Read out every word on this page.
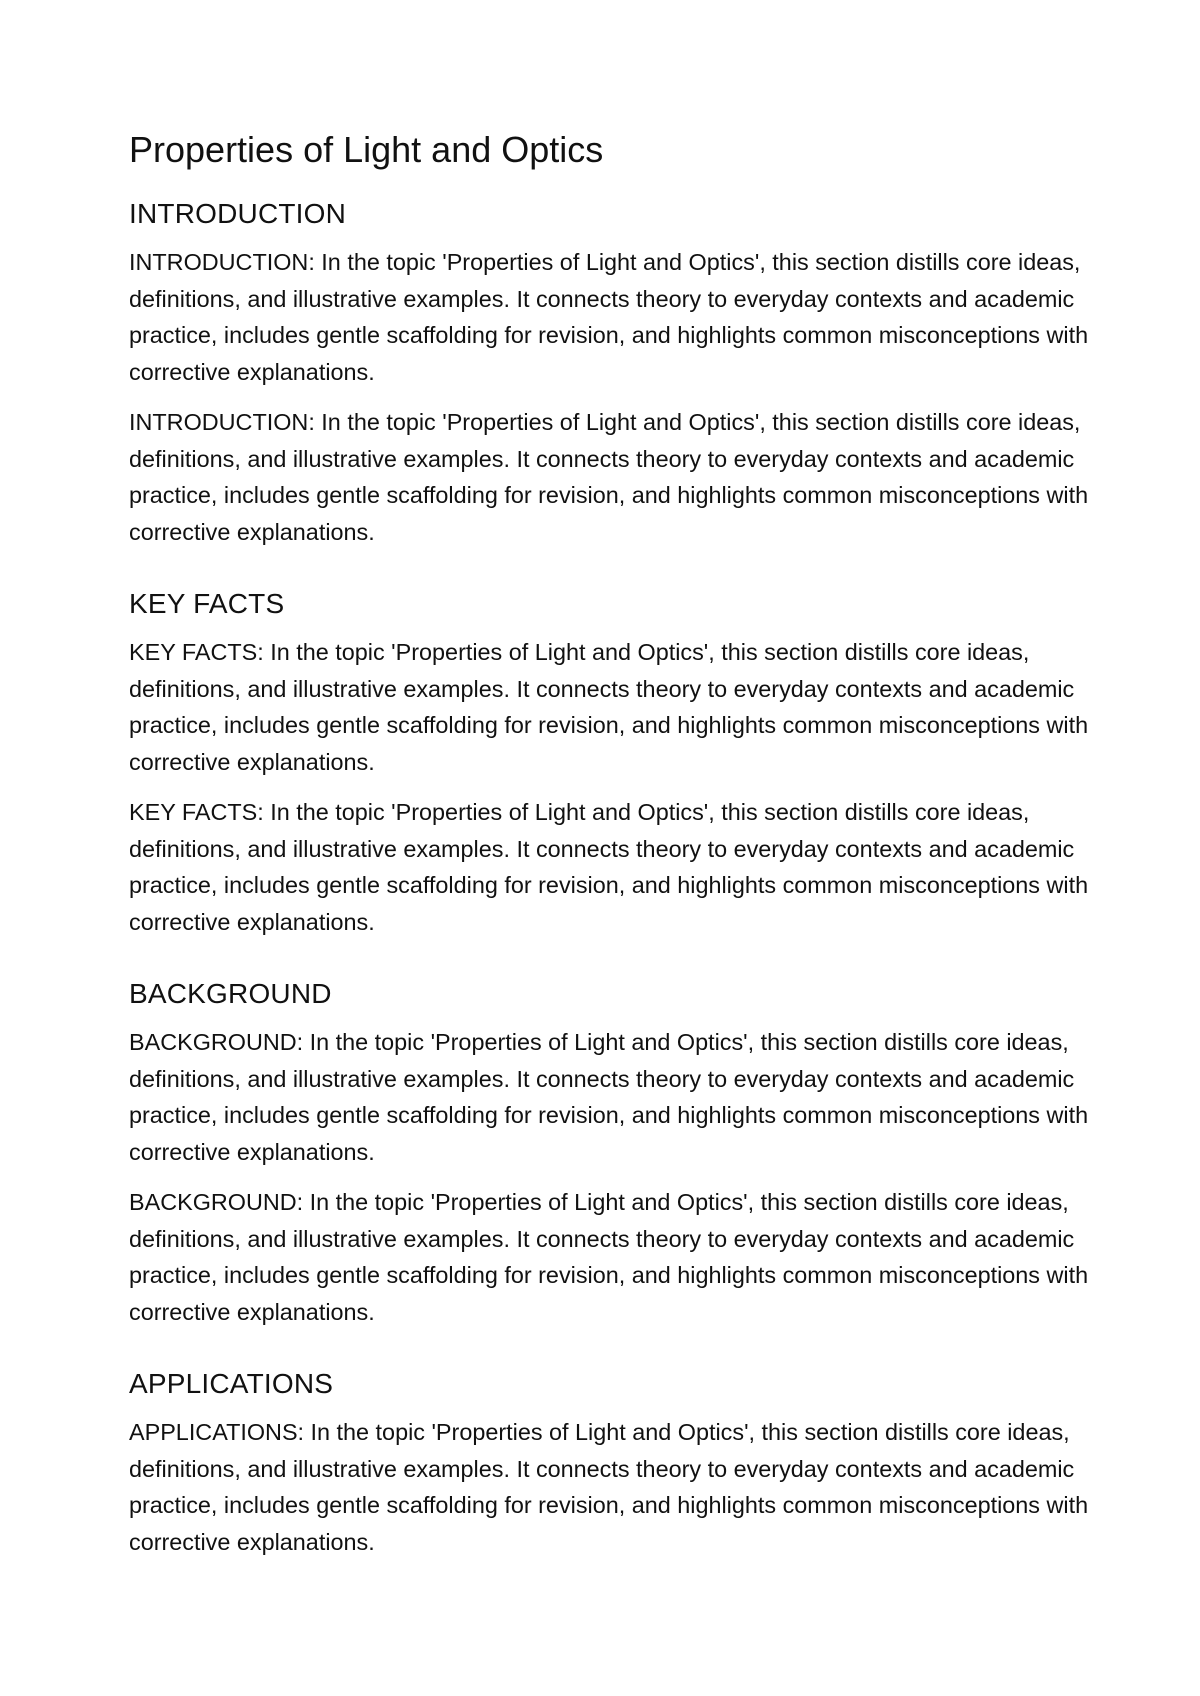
Properties of Light and Optics
INTRODUCTION

INTRODUCTION: In the topic 'Properties of Light and Optics', this section distills core ideas, definitions, and illustrative examples. It connects theory to everyday contexts and academic practice, includes gentle scaffolding for revision, and highlights common misconceptions with corrective explanations.

INTRODUCTION: In the topic 'Properties of Light and Optics', this section distills core ideas, definitions, and illustrative examples. It connects theory to everyday contexts and academic practice, includes gentle scaffolding for revision, and highlights common misconceptions with corrective explanations.

KEY FACTS

KEY FACTS: In the topic 'Properties of Light and Optics', this section distills core ideas, definitions, and illustrative examples. It connects theory to everyday contexts and academic practice, includes gentle scaffolding for revision, and highlights common misconceptions with corrective explanations.

KEY FACTS: In the topic 'Properties of Light and Optics', this section distills core ideas, definitions, and illustrative examples. It connects theory to everyday contexts and academic practice, includes gentle scaffolding for revision, and highlights common misconceptions with corrective explanations.

BACKGROUND

BACKGROUND: In the topic 'Properties of Light and Optics', this section distills core ideas, definitions, and illustrative examples. It connects theory to everyday contexts and academic practice, includes gentle scaffolding for revision, and highlights common misconceptions with corrective explanations.

BACKGROUND: In the topic 'Properties of Light and Optics', this section distills core ideas, definitions, and illustrative examples. It connects theory to everyday contexts and academic practice, includes gentle scaffolding for revision, and highlights common misconceptions with corrective explanations.

APPLICATIONS

APPLICATIONS: In the topic 'Properties of Light and Optics', this section distills core ideas, definitions, and illustrative examples. It connects theory to everyday contexts and academic practice, includes gentle scaffolding for revision, and highlights common misconceptions with corrective explanations.
